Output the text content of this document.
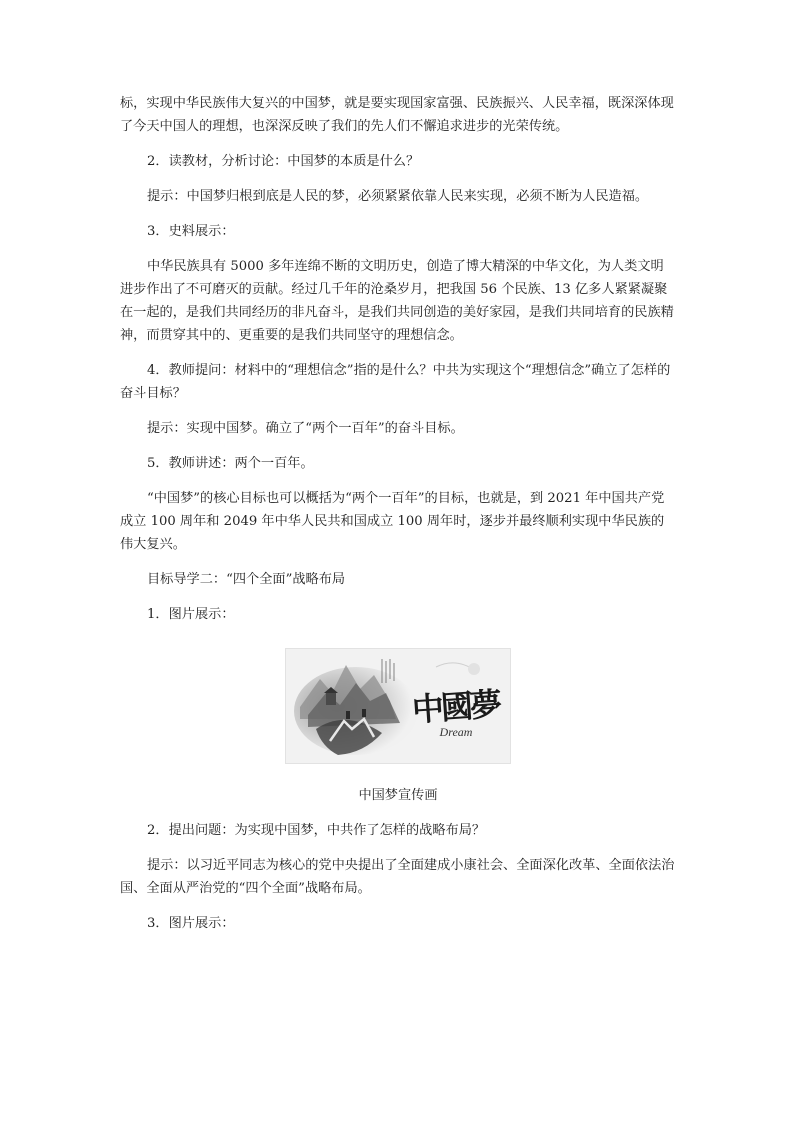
标，实现中华民族伟大复兴的中国梦，就是要实现国家富强、民族振兴、人民幸福，既深深体现了今天中国人的理想，也深深反映了我们的先人们不懈追求进步的光荣传统。

2．读教材，分析讨论：中国梦的本质是什么？

提示：中国梦归根到底是人民的梦，必须紧紧依靠人民来实现，必须不断为人民造福。

3．史料展示：

中华民族具有 5000 多年连绵不断的文明历史，创造了博大精深的中华文化，为人类文明进步作出了不可磨灭的贡献。经过几千年的沧桑岁月，把我国 56 个民族、13 亿多人紧紧凝聚在一起的，是我们共同经历的非凡奋斗，是我们共同创造的美好家园，是我们共同培育的民族精神，而贯穿其中的、更重要的是我们共同坚守的理想信念。

4．教师提问：材料中的“理想信念”指的是什么？中共为实现这个“理想信念”确立了怎样的奋斗目标？

提示：实现中国梦。确立了“两个一百年”的奋斗目标。

5．教师讲述：两个一百年。

“中国梦”的核心目标也可以概括为“两个一百年”的目标，也就是，到 2021 年中国共产党成立 100 周年和 2049 年中华人民共和国成立 100 周年时，逐步并最终顺利实现中华民族的伟大复兴。

目标导学二：“四个全面”战略布局

1．图片展示：

中國夢
Dream

中国梦宣传画

2．提出问题：为实现中国梦，中共作了怎样的战略布局？

提示：以习近平同志为核心的党中央提出了全面建成小康社会、全面深化改革、全面依法治国、全面从严治党的“四个全面”战略布局。

3．图片展示：
